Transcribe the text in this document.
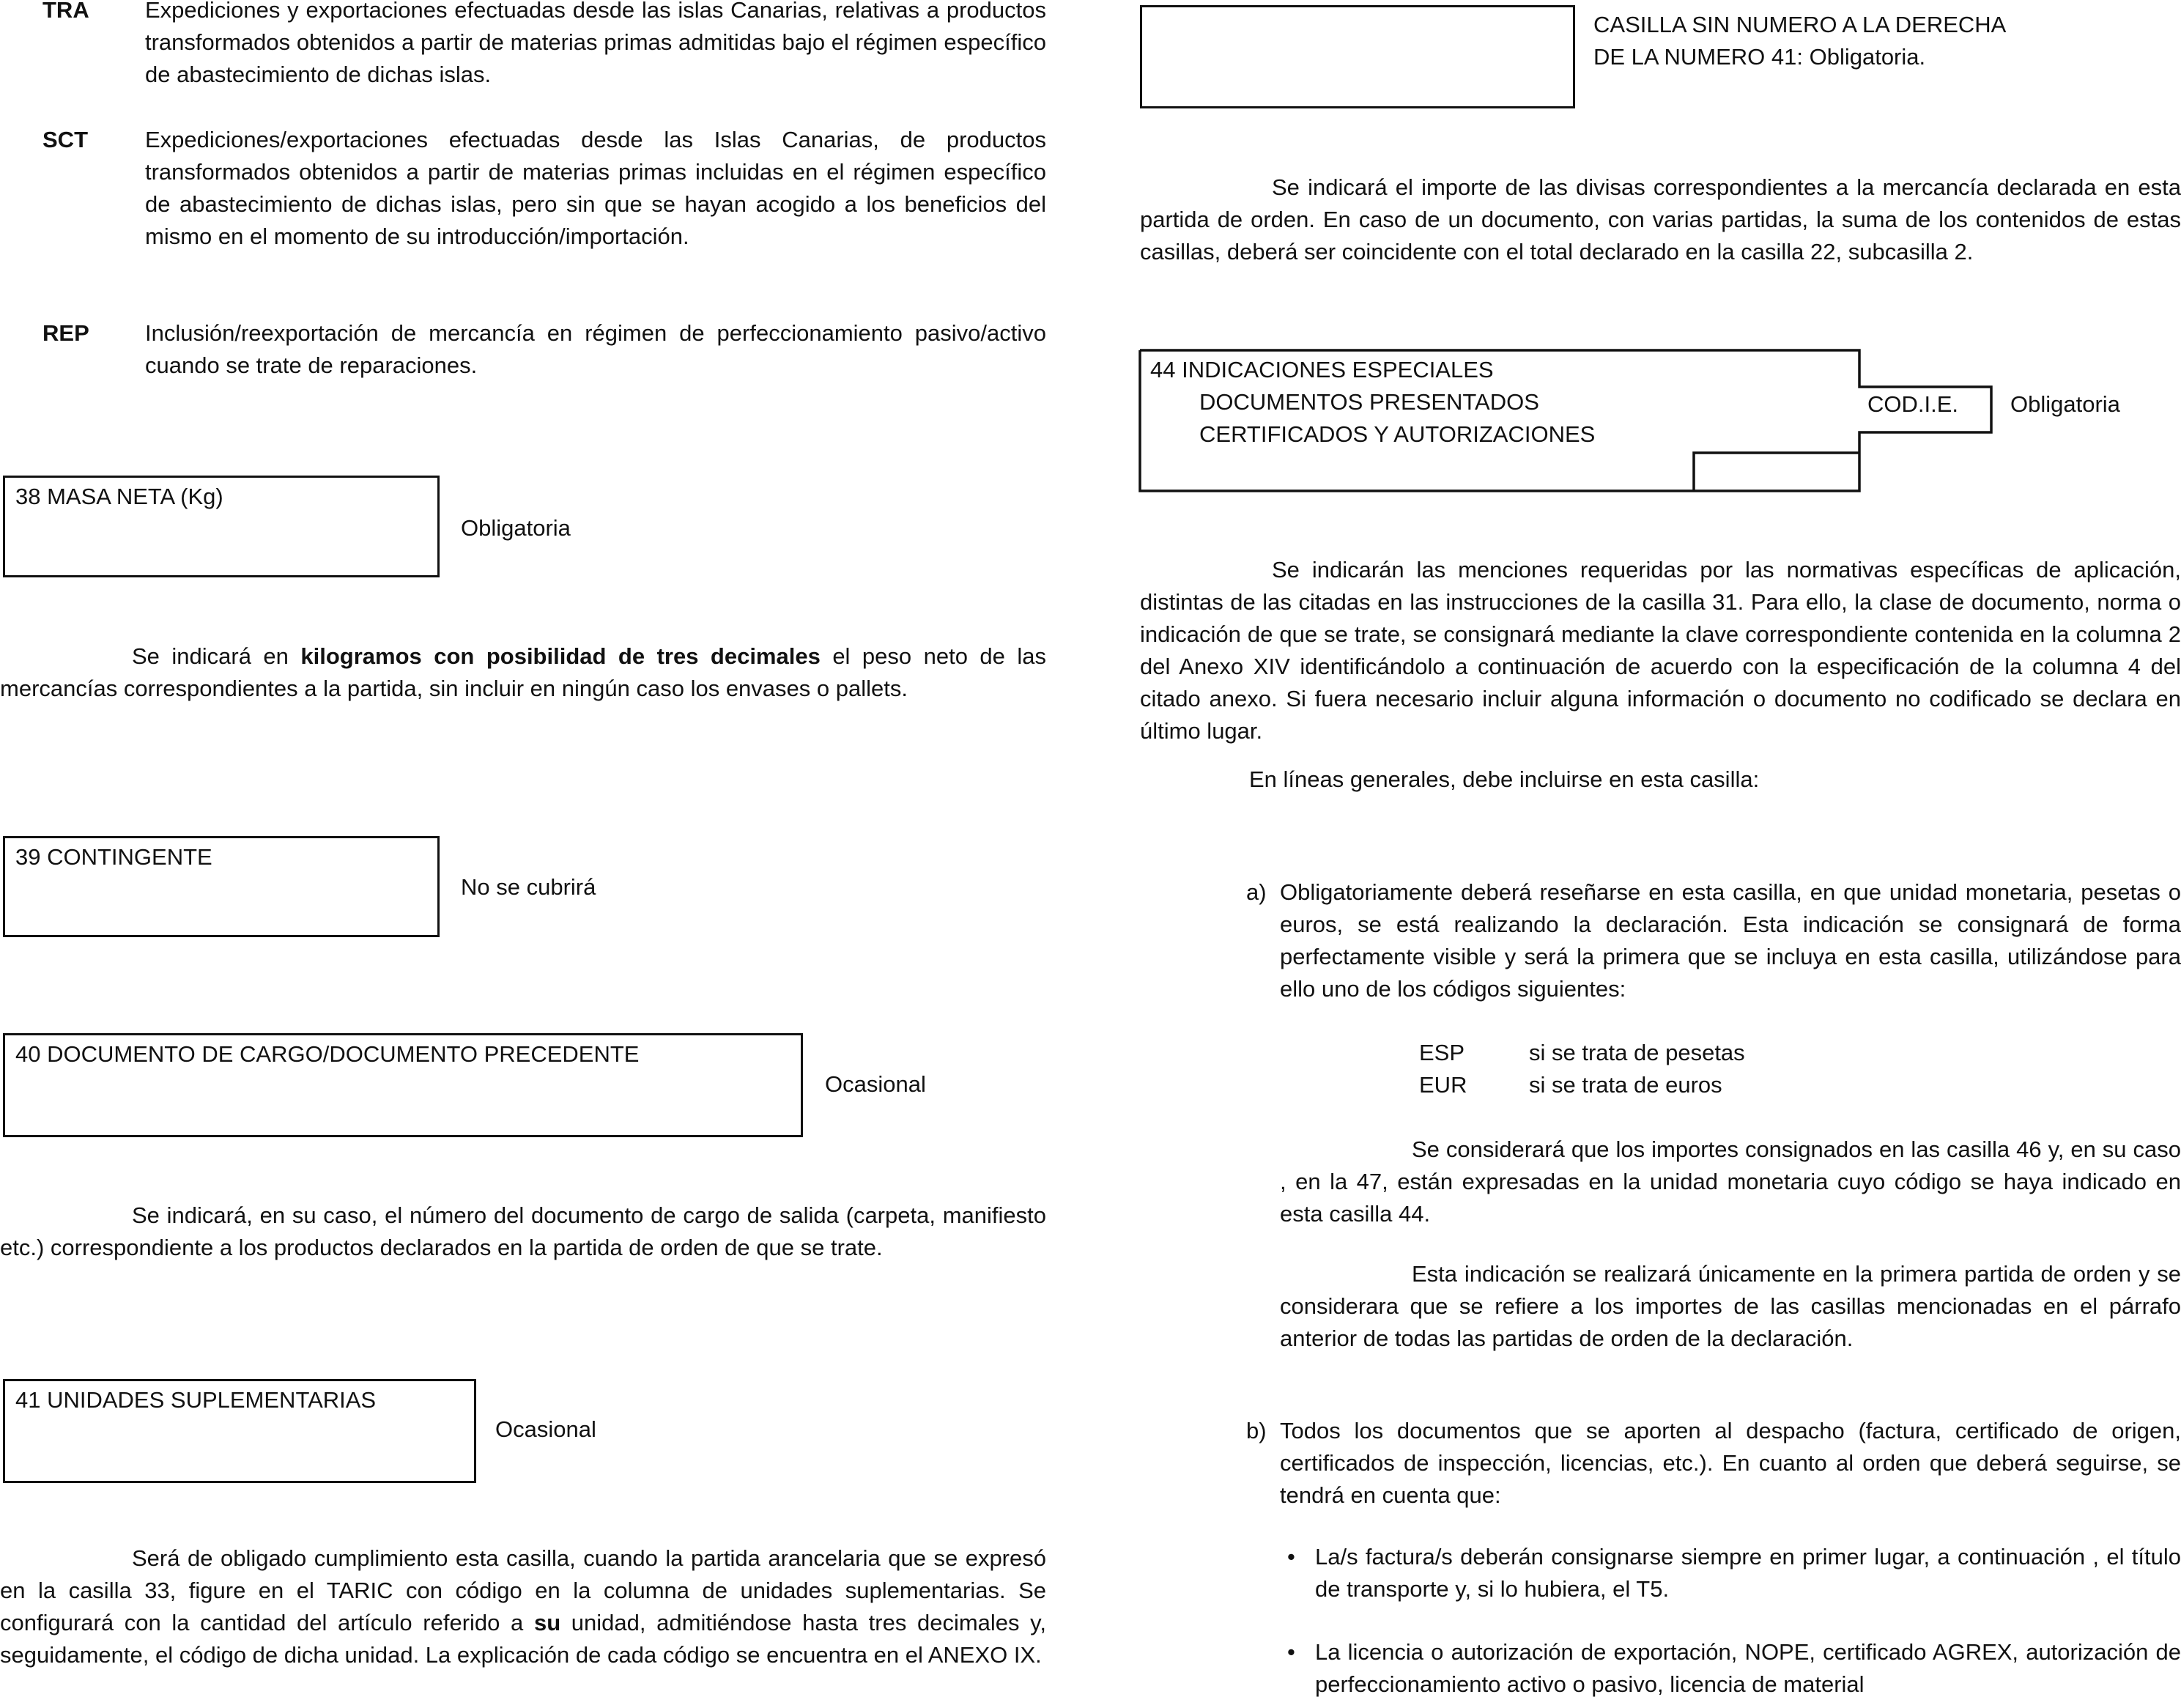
TRA Expediciones y exportaciones efectuadas desde las islas Canarias, relativas a productos transformados obtenidos a partir de materias primas admitidas bajo el régimen específico de abastecimiento de dichas islas.
SCT	Expediciones/exportaciones efectuadas desde las Islas Canarias, de productos transformados obtenidos a partir de materias primas incluidas en el régimen específico de abastecimiento de dichas islas, pero sin que se hayan acogido a los beneficios del mismo en el momento de su introducción/importación.
REP Inclusión/reexportación de mercancía en régimen de perfeccionamiento pasivo/activo cuando se trate de reparaciones.
38 MASA NETA (Kg)
Obligatoria

Se indicará en kilogramos con posibilidad de tres decimales el peso neto de las mercancías correspondientes a la partida, sin incluir en ningún caso los envases o pallets.

39 CONTINGENTE
No se cubrirá
40 DOCUMENTO DE CARGO/DOCUMENTO PRECEDENTE
Ocasional

Se indicará, en su caso, el número del documento de cargo de salida (carpeta, manifiesto etc.) correspondiente a los productos declarados en la partida de orden de que se trate.

41 UNIDADES SUPLEMENTARIAS
Ocasional

Será de obligado cumplimiento esta casilla, cuando la partida arancelaria que se expresó en la casilla 33, figure en el TARIC con código en la columna de unidades suplementarias. Se configurará con la cantidad del artículo referido a su unidad, admitiéndose hasta tres decimales y, seguidamente, el código de dicha unidad. La explicación de cada código se encuentra en el ANEXO IX.

CASILLA SIN NUMERO A LA DERECHA
DE LA NUMERO 41: Obligatoria.

Se indicará el importe de las divisas correspondientes a la mercancía declarada en esta partida de orden. En caso de un documento, con varias partidas, la suma de los contenidos de estas casillas, deberá ser coincidente con el total declarado en la casilla 22, subcasilla 2.

44 INDICACIONES ESPECIALES
DOCUMENTOS PRESENTADOS
CERTIFICADOS Y AUTORIZACIONES
COD.I.E. Obligatoria

Se indicarán las menciones requeridas por las normativas específicas de aplicación, distintas de las citadas en las instrucciones de la casilla 31. Para ello, la clase de documento, norma o indicación de que se trate, se consignará mediante la clave correspondiente contenida en la columna 2 del Anexo XIV identificándolo a continuación de acuerdo con la especificación de la columna 4 del citado anexo. Si fuera necesario incluir alguna información o documento no codificado se declara en último lugar.

En líneas generales, debe incluirse en esta casilla:
a) Obligatoriamente deberá reseñarse en esta casilla, en que unidad monetaria, pesetas o euros, se está realizando la declaración. Esta indicación se consignará de forma perfectamente visible y será la primera que se incluya en esta casilla, utilizándose para ello uno de los códigos siguientes:

ESP	si se trata de pesetas
EUR	si se trata de euros

Se considerará que los importes consignados en las casilla 46 y, en su caso , en la 47, están expresadas en la unidad monetaria cuyo código se haya indicado en esta casilla 44.

Esta indicación se realizará únicamente en la primera partida de orden y se considerara que se refiere a los importes de las casillas mencionadas en el párrafo anterior de todas las partidas de orden de la declaración.

b) Todos los documentos que se aporten al despacho (factura, certificado de origen, certificados de inspección, licencias, etc.). En cuanto al orden que deberá seguirse, se tendrá en cuenta que:

• La/s factura/s deberán consignarse siempre en primer lugar, a continuación , el título de transporte y, si lo hubiera, el T5.

• La licencia o autorización de exportación, NOPE, certificado AGREX, autorización de perfeccionamiento activo o pasivo, licencia de material
